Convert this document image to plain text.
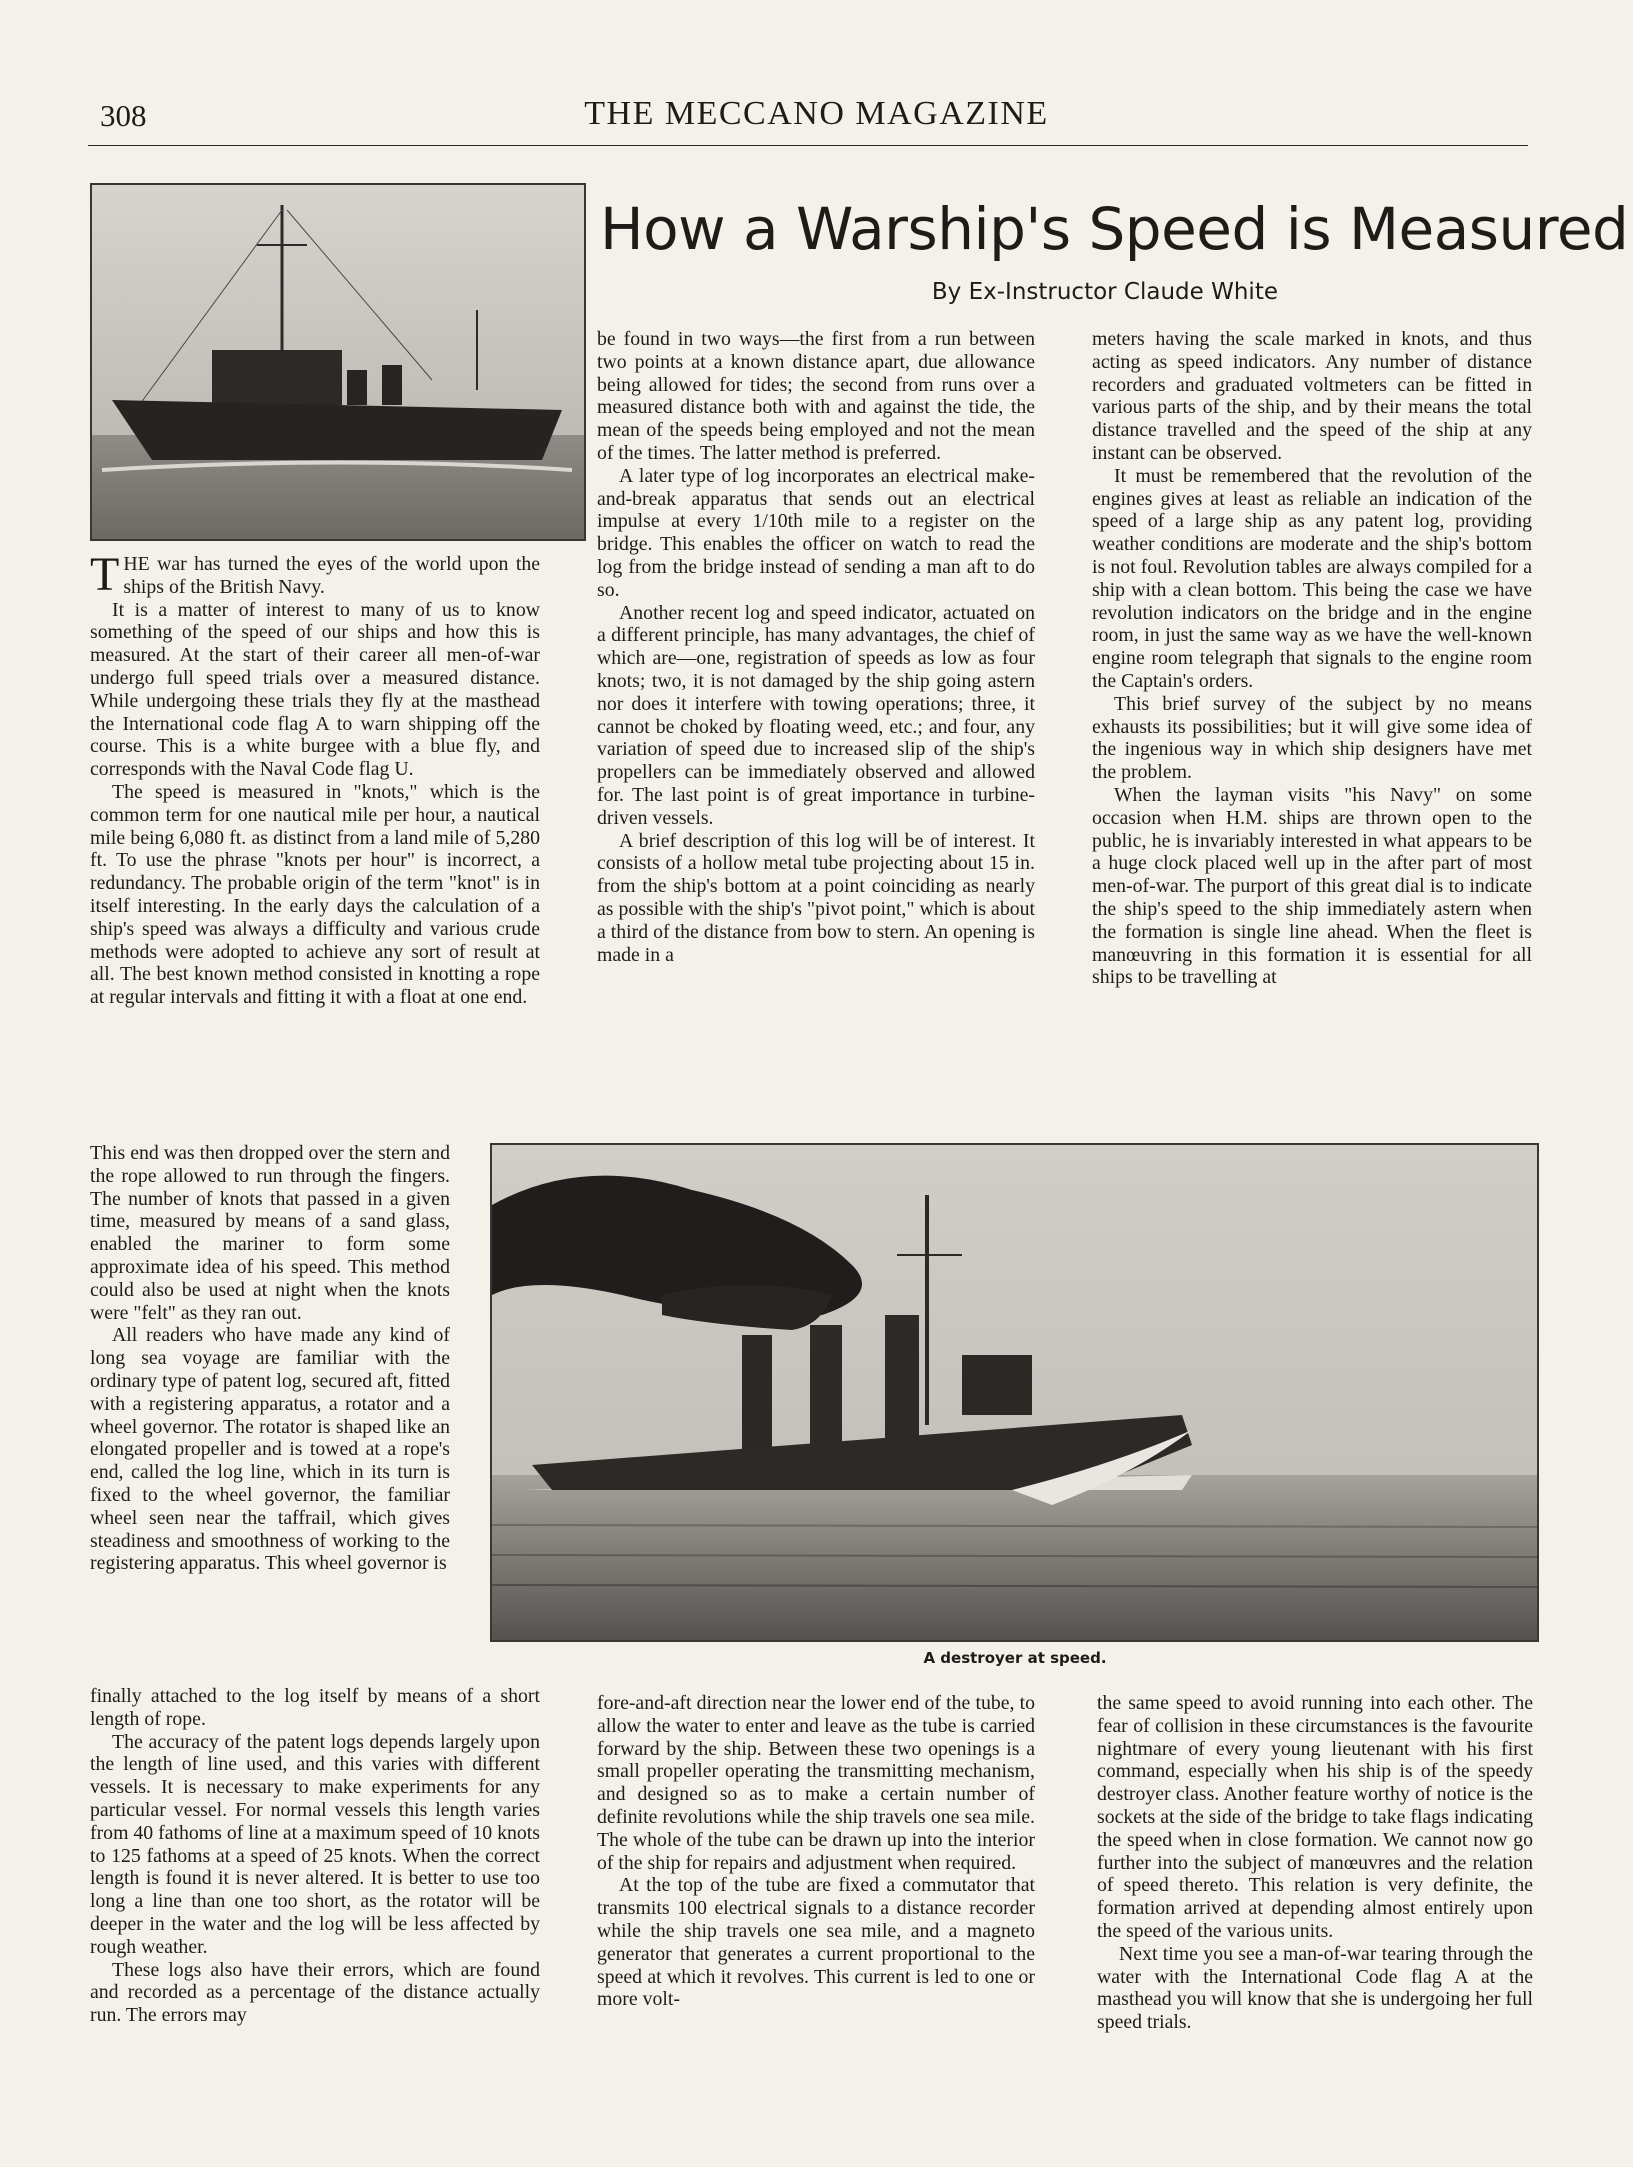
308	THE MECCANO MAGAZINE
How a Warship's Speed is Measured
By Ex-Instructor Claude White

THE war has turned the eyes of the world upon the ships of the British Navy.

It is a matter of interest to many of us to know something of the speed of our ships and how this is measured. At the start of their career all men-of-war undergo full speed trials over a measured distance. While undergoing these trials they fly at the masthead the International code flag A to warn shipping off the course. This is a white burgee with a blue fly, and corresponds with the Naval Code flag U.

The speed is measured in "knots," which is the common term for one nautical mile per hour, a nautical mile being 6,080 ft. as distinct from a land mile of 5,280 ft. To use the phrase "knots per hour" is incorrect, a redundancy. The probable origin of the term "knot" is in itself interesting. In the early days the calculation of a ship's speed was always a difficulty and various crude methods were adopted to achieve any sort of result at all. The best known method consisted in knotting a rope at regular intervals and fitting it with a float at one end.

This end was then dropped over the stern and the rope allowed to run through the fingers. The number of knots that passed in a given time, measured by means of a sand glass, enabled the mariner to form some approximate idea of his speed. This method could also be used at night when the knots were "felt" as they ran out.

All readers who have made any kind of long sea voyage are familiar with the ordinary type of patent log, secured aft, fitted with a registering apparatus, a rotator and a wheel governor. The rotator is shaped like an elongated propeller and is towed at a rope's end, called the log line, which in its turn is fixed to the wheel governor, the familiar wheel seen near the taffrail, which gives steadiness and smoothness of working to the registering apparatus. This wheel governor is

finally attached to the log itself by means of a short length of rope.

The accuracy of the patent logs depends largely upon the length of line used, and this varies with different vessels. It is necessary to make experiments for any particular vessel. For normal vessels this length varies from 40 fathoms of line at a maximum speed of 10 knots to 125 fathoms at a speed of 25 knots. When the correct length is found it is never altered. It is better to use too long a line than one too short, as the rotator will be deeper in the water and the log will be less affected by rough weather.

These logs also have their errors, which are found and recorded as a percentage of the distance actually run. The errors may

be found in two ways—the first from a run between two points at a known distance apart, due allowance being allowed for tides; the second from runs over a measured distance both with and against the tide, the mean of the speeds being employed and not the mean of the times. The latter method is preferred.

A later type of log incorporates an electrical make-and-break apparatus that sends out an electrical impulse at every 1/10th mile to a register on the bridge. This enables the officer on watch to read the log from the bridge instead of sending a man aft to do so.

Another recent log and speed indicator, actuated on a different principle, has many advantages, the chief of which are—one, registration of speeds as low as four knots; two, it is not damaged by the ship going astern nor does it interfere with towing operations; three, it cannot be choked by floating weed, etc.; and four, any variation of speed due to increased slip of the ship's propellers can be immediately observed and allowed for. The last point is of great importance in turbine-driven vessels.

A brief description of this log will be of interest. It consists of a hollow metal tube projecting about 15 in. from the ship's bottom at a point coinciding as nearly as possible with the ship's "pivot point," which is about a third of the distance from bow to stern. An opening is made in a

meters having the scale marked in knots, and thus acting as speed indicators. Any number of distance recorders and graduated voltmeters can be fitted in various parts of the ship, and by their means the total distance travelled and the speed of the ship at any instant can be observed.

It must be remembered that the revolution of the engines gives at least as reliable an indication of the speed of a large ship as any patent log, providing weather conditions are moderate and the ship's bottom is not foul. Revolution tables are always compiled for a ship with a clean bottom. This being the case we have revolution indicators on the bridge and in the engine room, in just the same way as we have the well-known engine room telegraph that signals to the engine room the Captain's orders.

This brief survey of the subject by no means exhausts its possibilities; but it will give some idea of the ingenious way in which ship designers have met the problem.

When the layman visits "his Navy" on some occasion when H.M. ships are thrown open to the public, he is invariably interested in what appears to be a huge clock placed well up in the after part of most men-of-war. The purport of this great dial is to indicate the ship's speed to the ship immediately astern when the formation is single line ahead. When the fleet is manœuvring in this formation it is essential for all ships to be travelling at

A destroyer at speed.

fore-and-aft direction near the lower end of the tube, to allow the water to enter and leave as the tube is carried forward by the ship. Between these two openings is a small propeller operating the transmitting mechanism, and designed so as to make a certain number of definite revolutions while the ship travels one sea mile. The whole of the tube can be drawn up into the interior of the ship for repairs and adjustment when required.

At the top of the tube are fixed a commutator that transmits 100 electrical signals to a distance recorder while the ship travels one sea mile, and a magneto generator that generates a current proportional to the speed at which it revolves. This current is led to one or more volt-

the same speed to avoid running into each other. The fear of collision in these circumstances is the favourite nightmare of every young lieutenant with his first command, especially when his ship is of the speedy destroyer class. Another feature worthy of notice is the sockets at the side of the bridge to take flags indicating the speed when in close formation. We cannot now go further into the subject of manœuvres and the relation of speed thereto. This relation is very definite, the formation arrived at depending almost entirely upon the speed of the various units.

Next time you see a man-of-war tearing through the water with the International Code flag A at the masthead you will know that she is undergoing her full speed trials.
